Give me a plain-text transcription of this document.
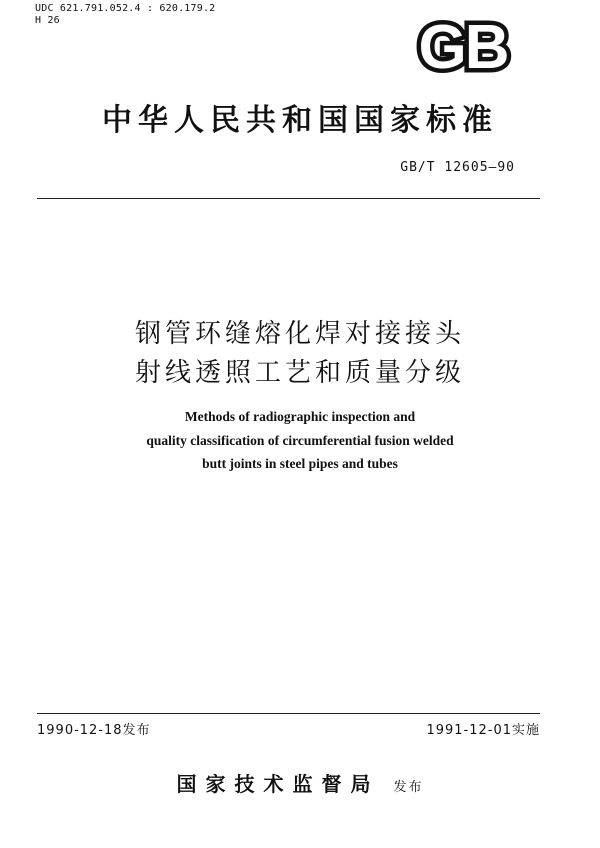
UDC 621.791.052.4 : 620.179.2
H 26	GB
中华人民共和国国家标准
GB/T 12605—90
钢管环缝熔化焊对接接头
射线透照工艺和质量分级
Methods of radiographic inspection and
quality classification of circumferential fusion welded
butt joints in steel pipes and tubes
1990-12-18发布	1991-12-01实施
国家技术监督局 发布
